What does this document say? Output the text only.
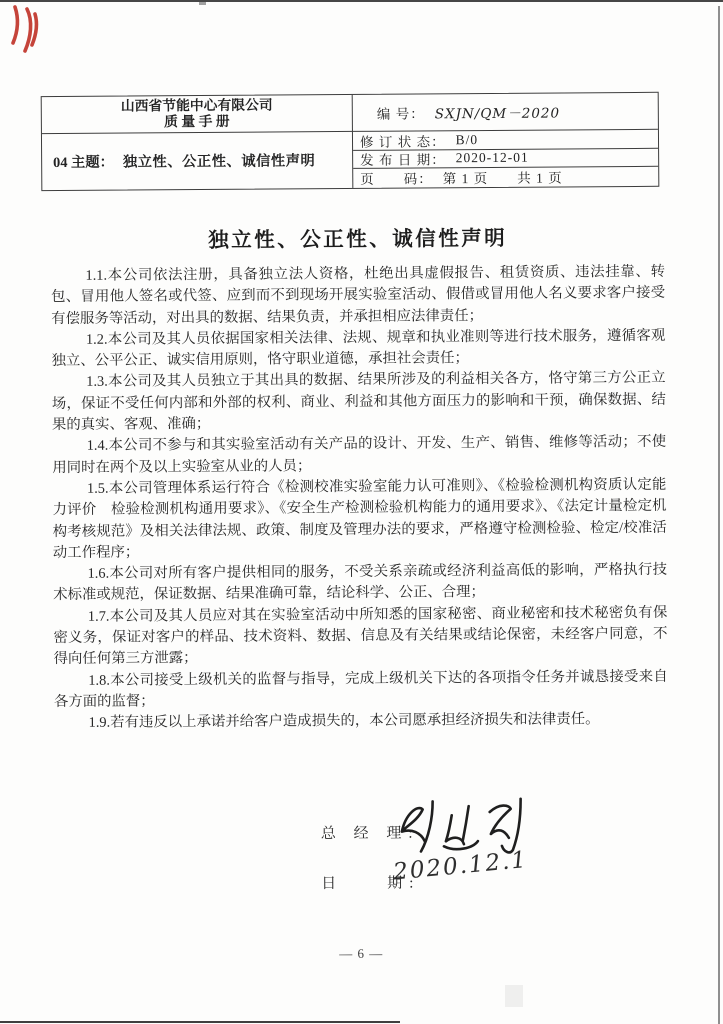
山西省节能中心有限公司
质 量 手 册
04 主题： 独立性、公正性、诚信性声明
编 号： SXJN/QM－2020
修 订 状 态： B/0
发 布 日 期： 2020-12-01
页　　码： 第 1 页　　共 1 页
独立性、公正性、诚信性声明

1.1.本公司依法注册，具备独立法人资格，杜绝出具虚假报告、租赁资质、违法挂靠、转包、冒用他人签名或代签、应到而不到现场开展实验室活动、假借或冒用他人名义要求客户接受有偿服务等活动，对出具的数据、结果负责，并承担相应法律责任；

1.2.本公司及其人员依据国家相关法律、法规、规章和执业准则等进行技术服务，遵循客观独立、公平公正、诚实信用原则，恪守职业道德，承担社会责任；

1.3.本公司及其人员独立于其出具的数据、结果所涉及的利益相关各方，恪守第三方公正立场，保证不受任何内部和外部的权利、商业、利益和其他方面压力的影响和干预，确保数据、结果的真实、客观、准确；

1.4.本公司不参与和其实验室活动有关产品的设计、开发、生产、销售、维修等活动；不使用同时在两个及以上实验室从业的人员；

1.5.本公司管理体系运行符合《检测校准实验室能力认可准则》、《检验检测机构资质认定能力评价　检验检测机构通用要求》、《安全生产检测检验机构能力的通用要求》、《法定计量检定机构考核规范》及相关法律法规、政策、制度及管理办法的要求，严格遵守检测检验、检定/校准活动工作程序；

1.6.本公司对所有客户提供相同的服务，不受关系亲疏或经济利益高低的影响，严格执行技术标准或规范，保证数据、结果准确可靠，结论科学、公正、合理；

1.7.本公司及其人员应对其在实验室活动中所知悉的国家秘密、商业秘密和技术秘密负有保密义务，保证对客户的样品、技术资料、数据、信息及有关结果或结论保密，未经客户同意，不得向任何第三方泄露；

1.8.本公司接受上级机关的监督与指导，完成上级机关下达的各项指令任务并诚恳接受来自各方面的监督；

1.9.若有违反以上承诺并给客户造成损失的，本公司愿承担经济损失和法律责任。

总 经 理:
日　　期:
2020.12.1
— 6 —
